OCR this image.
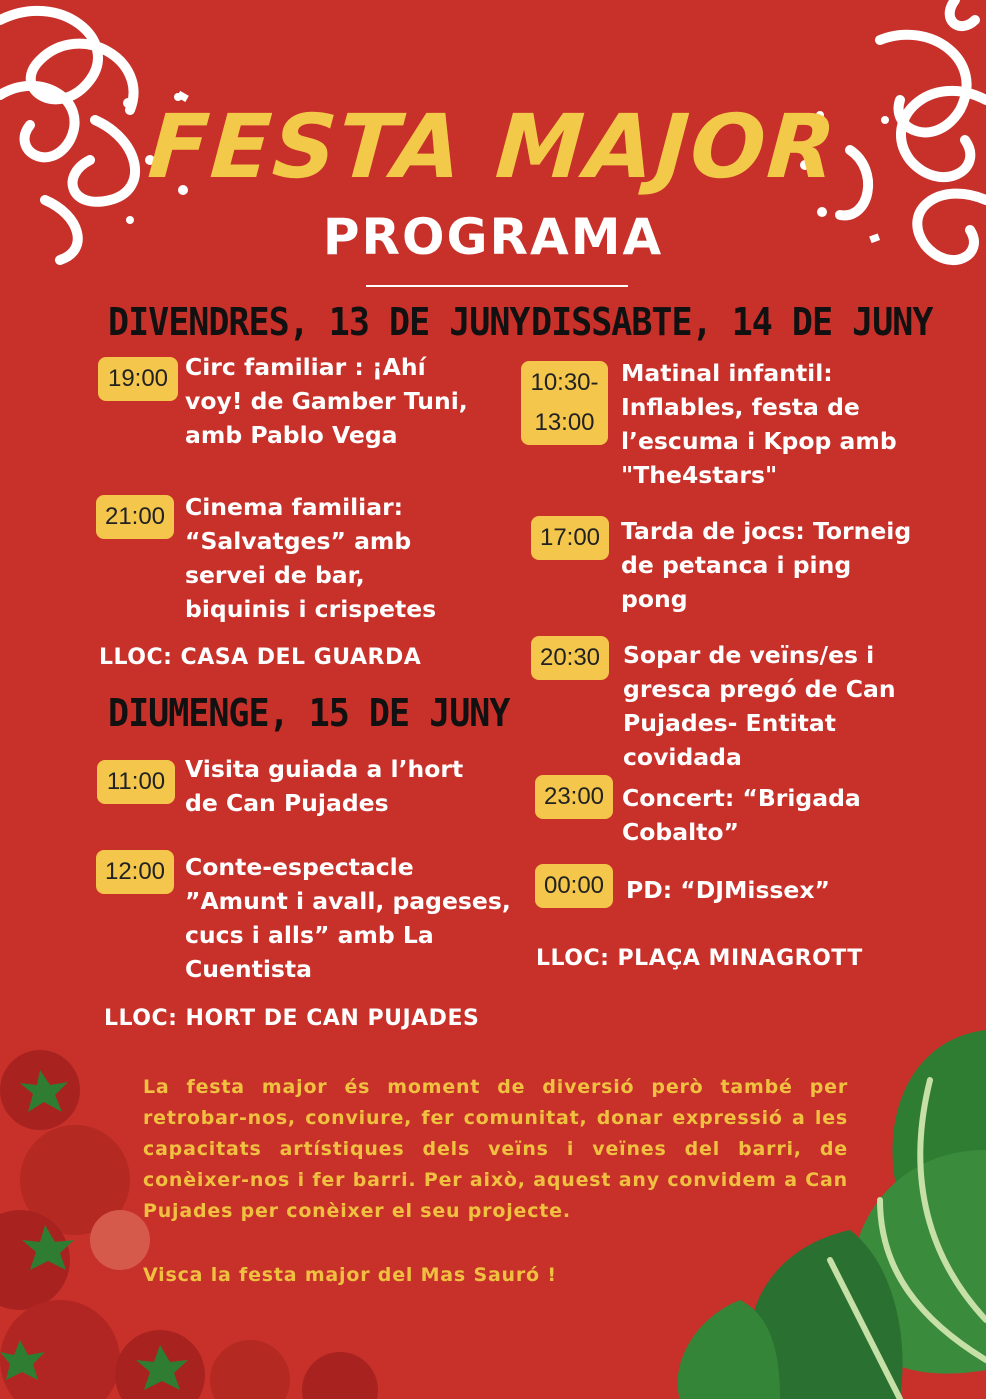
FESTA MAJOR
PROGRAMA
DIVENDRES, 13 DE JUNY
19:00 Circ familiar : ¡Ahí voy! de Gamber Tuni, amb Pablo Vega
21:00 Cinema familiar: “Salvatges” amb servei de bar, biquinis i crispetes
LLOC: CASA DEL GUARDA
DIUMENGE, 15 DE JUNY
11:00 Visita guiada a l’hort de Can Pujades
12:00 Conte-espectacle ”Amunt i avall, pageses, cucs i alls” amb La Cuentista
LLOC: HORT DE CAN PUJADES
DISSABTE, 14 DE JUNY
10:30-
13:00
Matinal infantil: Inflables, festa de l’escuma i Kpop amb "The4stars"
17:00 Tarda de jocs: Torneig de petanca i ping pong
20:30 Sopar de veïns/es i gresca pregó de Can Pujades- Entitat covidada
23:00 Concert: “Brigada Cobalto”
00:00 PD: “DJMissex”
LLOC: PLAÇA MINAGROTT

La festa major és moment de diversió però també per retrobar-nos, conviure, fer comunitat, donar expressió a les capacitats artístiques dels veïns i veïnes del barri, de conèixer-nos i fer barri. Per això, aquest any convidem a Can Pujades per conèixer el seu projecte.

Visca la festa major del Mas Sauró !
